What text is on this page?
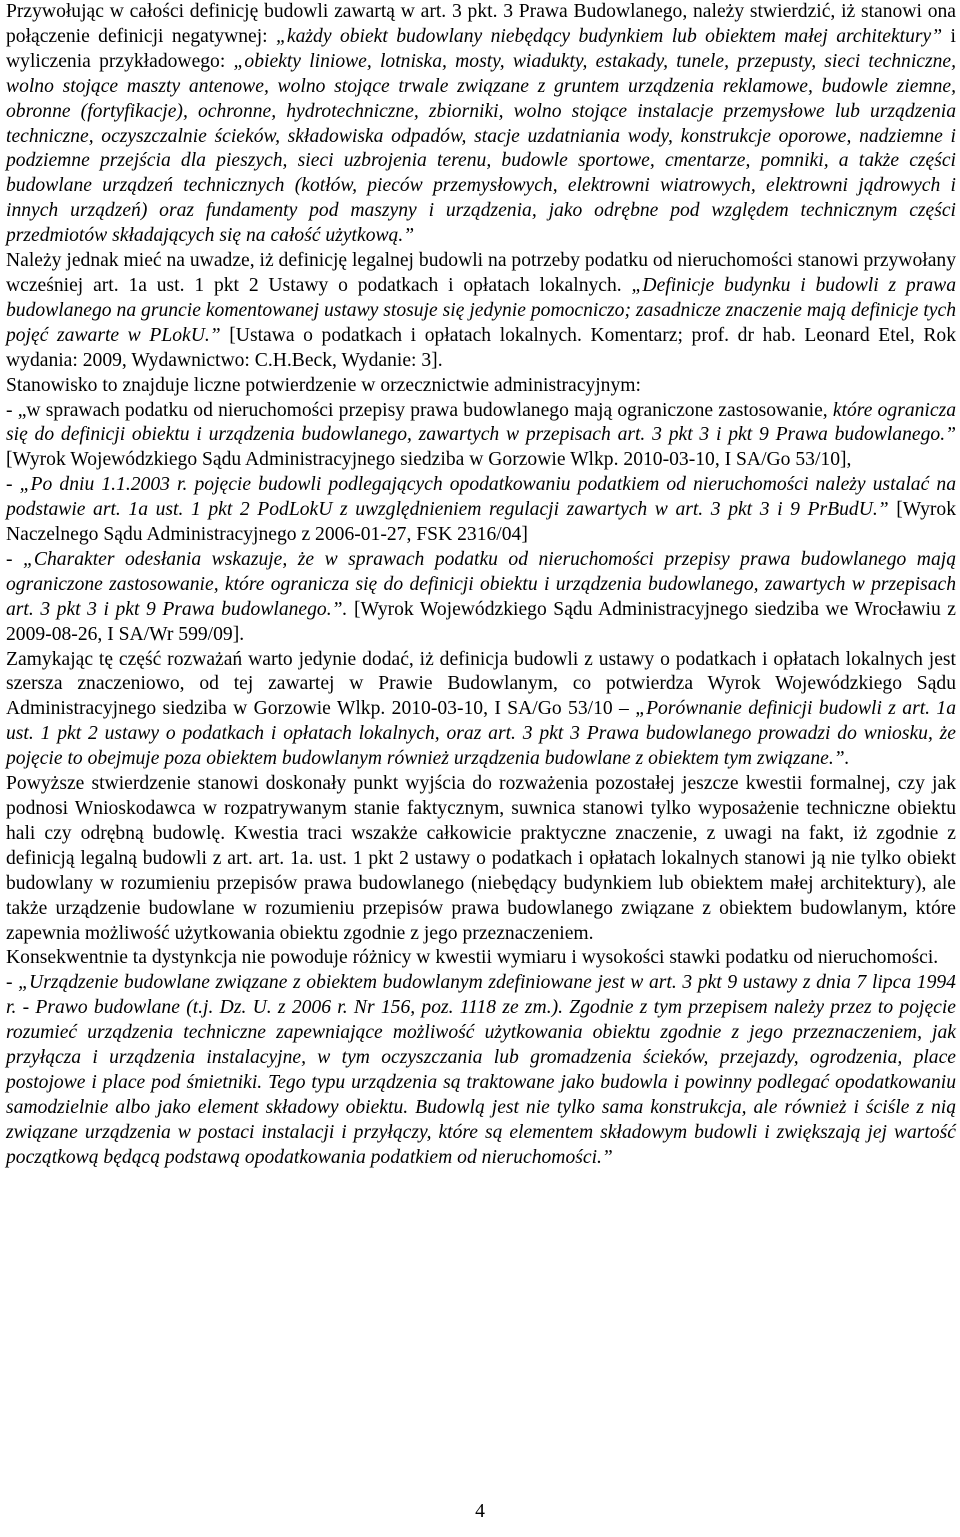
Przywołując w całości definicję budowli zawartą w art. 3 pkt. 3 Prawa Budowlanego, należy stwierdzić, iż stanowi ona połączenie definicji negatywnej: „każdy obiekt budowlany niebędący budynkiem lub obiektem małej architektury” i wyliczenia przykładowego: „obiekty liniowe, lotniska, mosty, wiadukty, estakady, tunele, przepusty, sieci techniczne, wolno stojące maszty antenowe, wolno stojące trwale związane z gruntem urządzenia reklamowe, budowle ziemne, obronne (fortyfikacje), ochronne, hydrotechniczne, zbiorniki, wolno stojące instalacje przemysłowe lub urządzenia techniczne, oczyszczalnie ścieków, składowiska odpadów, stacje uzdatniania wody, konstrukcje oporowe, nadziemne i podziemne przejścia dla pieszych, sieci uzbrojenia terenu, budowle sportowe, cmentarze, pomniki, a także części budowlane urządzeń technicznych (kotłów, pieców przemysłowych, elektrowni wiatrowych, elektrowni jądrowych i innych urządzeń) oraz fundamenty pod maszyny i urządzenia, jako odrębne pod względem technicznym części przedmiotów składających się na całość użytkową.”

Należy jednak mieć na uwadze, iż definicję legalnej budowli na potrzeby podatku od nieruchomości stanowi przywołany wcześniej art. 1a ust. 1 pkt 2 Ustawy o podatkach i opłatach lokalnych. „Definicje budynku i budowli z prawa budowlanego na gruncie komentowanej ustawy stosuje się jedynie pomocniczo; zasadnicze znaczenie mają definicje tych pojęć zawarte w PLokU.” [Ustawa o podatkach i opłatach lokalnych. Komentarz; prof. dr hab. Leonard Etel, Rok wydania: 2009, Wydawnictwo: C.H.Beck, Wydanie: 3].

Stanowisko to znajduje liczne potwierdzenie w orzecznictwie administracyjnym:

- „w sprawach podatku od nieruchomości przepisy prawa budowlanego mają ograniczone zastosowanie, które ogranicza się do definicji obiektu i urządzenia budowlanego, zawartych w przepisach art. 3 pkt 3 i pkt 9 Prawa budowlanego.” [Wyrok Wojewódzkiego Sądu Administracyjnego siedziba w Gorzowie Wlkp. 2010-03-10, I SA/Go 53/10],

- „Po dniu 1.1.2003 r. pojęcie budowli podlegających opodatkowaniu podatkiem od nieruchomości należy ustalać na podstawie art. 1a ust. 1 pkt 2 PodLokU z uwzględnieniem regulacji zawartych w art. 3 pkt 3 i 9 PrBudU.” [Wyrok Naczelnego Sądu Administracyjnego z 2006-01-27, FSK 2316/04]

- „Charakter odesłania wskazuje, że w sprawach podatku od nieruchomości przepisy prawa budowlanego mają ograniczone zastosowanie, które ogranicza się do definicji obiektu i urządzenia budowlanego, zawartych w przepisach art. 3 pkt 3 i pkt 9 Prawa budowlanego.”. [Wyrok Wojewódzkiego Sądu Administracyjnego siedziba we Wrocławiu z 2009-08-26, I SA/Wr 599/09].

Zamykając tę część rozważań warto jedynie dodać, iż definicja budowli z ustawy o podatkach i opłatach lokalnych jest szersza znaczeniowo, od tej zawartej w Prawie Budowlanym, co potwierdza Wyrok Wojewódzkiego Sądu Administracyjnego siedziba w Gorzowie Wlkp. 2010-03-10, I SA/Go 53/10 – „Porównanie definicji budowli z art. 1a ust. 1 pkt 2 ustawy o podatkach i opłatach lokalnych, oraz art. 3 pkt 3 Prawa budowlanego prowadzi do wniosku, że pojęcie to obejmuje poza obiektem budowlanym również urządzenia budowlane z obiektem tym związane.”.

Powyższe stwierdzenie stanowi doskonały punkt wyjścia do rozważenia pozostałej jeszcze kwestii formalnej, czy jak podnosi Wnioskodawca w rozpatrywanym stanie faktycznym, suwnica stanowi tylko wyposażenie techniczne obiektu hali czy odrębną budowlę. Kwestia traci wszakże całkowicie praktyczne znaczenie, z uwagi na fakt, iż zgodnie z definicją legalną budowli z art. art. 1a. ust. 1 pkt 2 ustawy o podatkach i opłatach lokalnych stanowi ją nie tylko obiekt budowlany w rozumieniu przepisów prawa budowlanego (niebędący budynkiem lub obiektem małej architektury), ale także urządzenie budowlane w rozumieniu przepisów prawa budowlanego związane z obiektem budowlanym, które zapewnia możliwość użytkowania obiektu zgodnie z jego przeznaczeniem.

Konsekwentnie ta dystynkcja nie powoduje różnicy w kwestii wymiaru i wysokości stawki podatku od nieruchomości.

- „Urządzenie budowlane związane z obiektem budowlanym zdefiniowane jest w art. 3 pkt 9 ustawy z dnia 7 lipca 1994 r. - Prawo budowlane (t.j. Dz. U. z 2006 r. Nr 156, poz. 1118 ze zm.). Zgodnie z tym przepisem należy przez to pojęcie rozumieć urządzenia techniczne zapewniające możliwość użytkowania obiektu zgodnie z jego przeznaczeniem, jak przyłącza i urządzenia instalacyjne, w tym oczyszczania lub gromadzenia ścieków, przejazdy, ogrodzenia, place postojowe i place pod śmietniki. Tego typu urządzenia są traktowane jako budowla i powinny podlegać opodatkowaniu samodzielnie albo jako element składowy obiektu. Budowlą jest nie tylko sama konstrukcja, ale również i ściśle z nią związane urządzenia w postaci instalacji i przyłączy, które są elementem składowym budowli i zwiększają jej wartość początkową będącą podstawą opodatkowania podatkiem od nieruchomości.”

4
